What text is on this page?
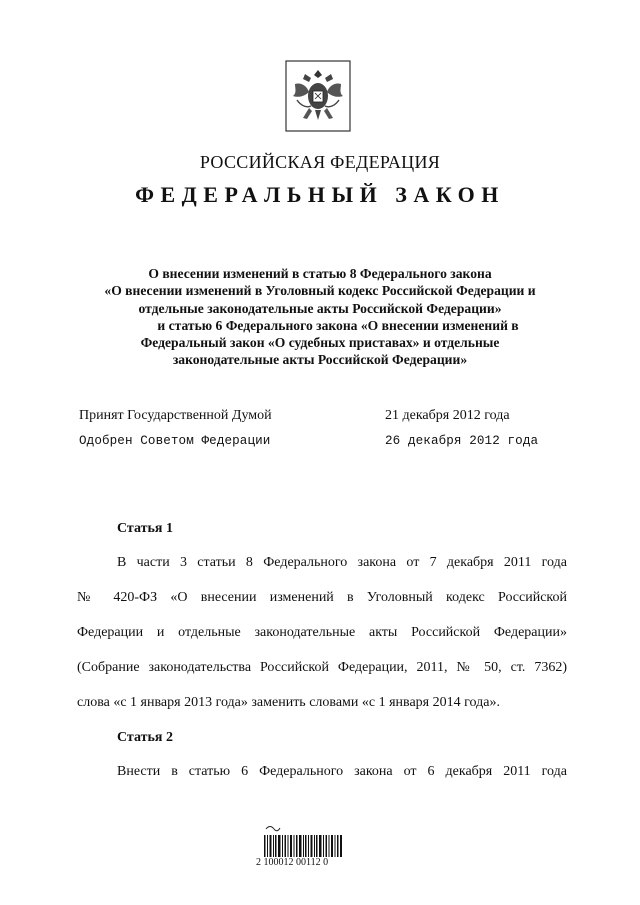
РОССИЙСКАЯ ФЕДЕРАЦИЯ
ФЕДЕРАЛЬНЫЙ ЗАКОН
О внесении изменений в статью 8 Федерального закона
«О внесении изменений в Уголовный кодекс Российской Федерации и
отдельные законодательные акты Российской Федерации»
и статью 6 Федерального закона «О внесении изменений в
Федеральный закон «О судебных приставах» и отдельные
законодательные акты Российской Федерации»
Принят Государственной Думой	21 декабря 2012 года
Одобрен Советом Федерации	26 декабря 2012 года
Статья 1
В части 3 статьи 8 Федерального закона от 7 декабря 2011 года
№ 420-ФЗ «О внесении изменений в Уголовный кодекс Российской
Федерации и отдельные законодательные акты Российской Федерации»
(Собрание законодательства Российской Федерации, 2011, № 50, ст. 7362)
слова «с 1 января 2013 года» заменить словами «с 1 января 2014 года».
Статья 2
Внести в статью 6 Федерального закона от 6 декабря 2011 года
2 100012 00112 0
